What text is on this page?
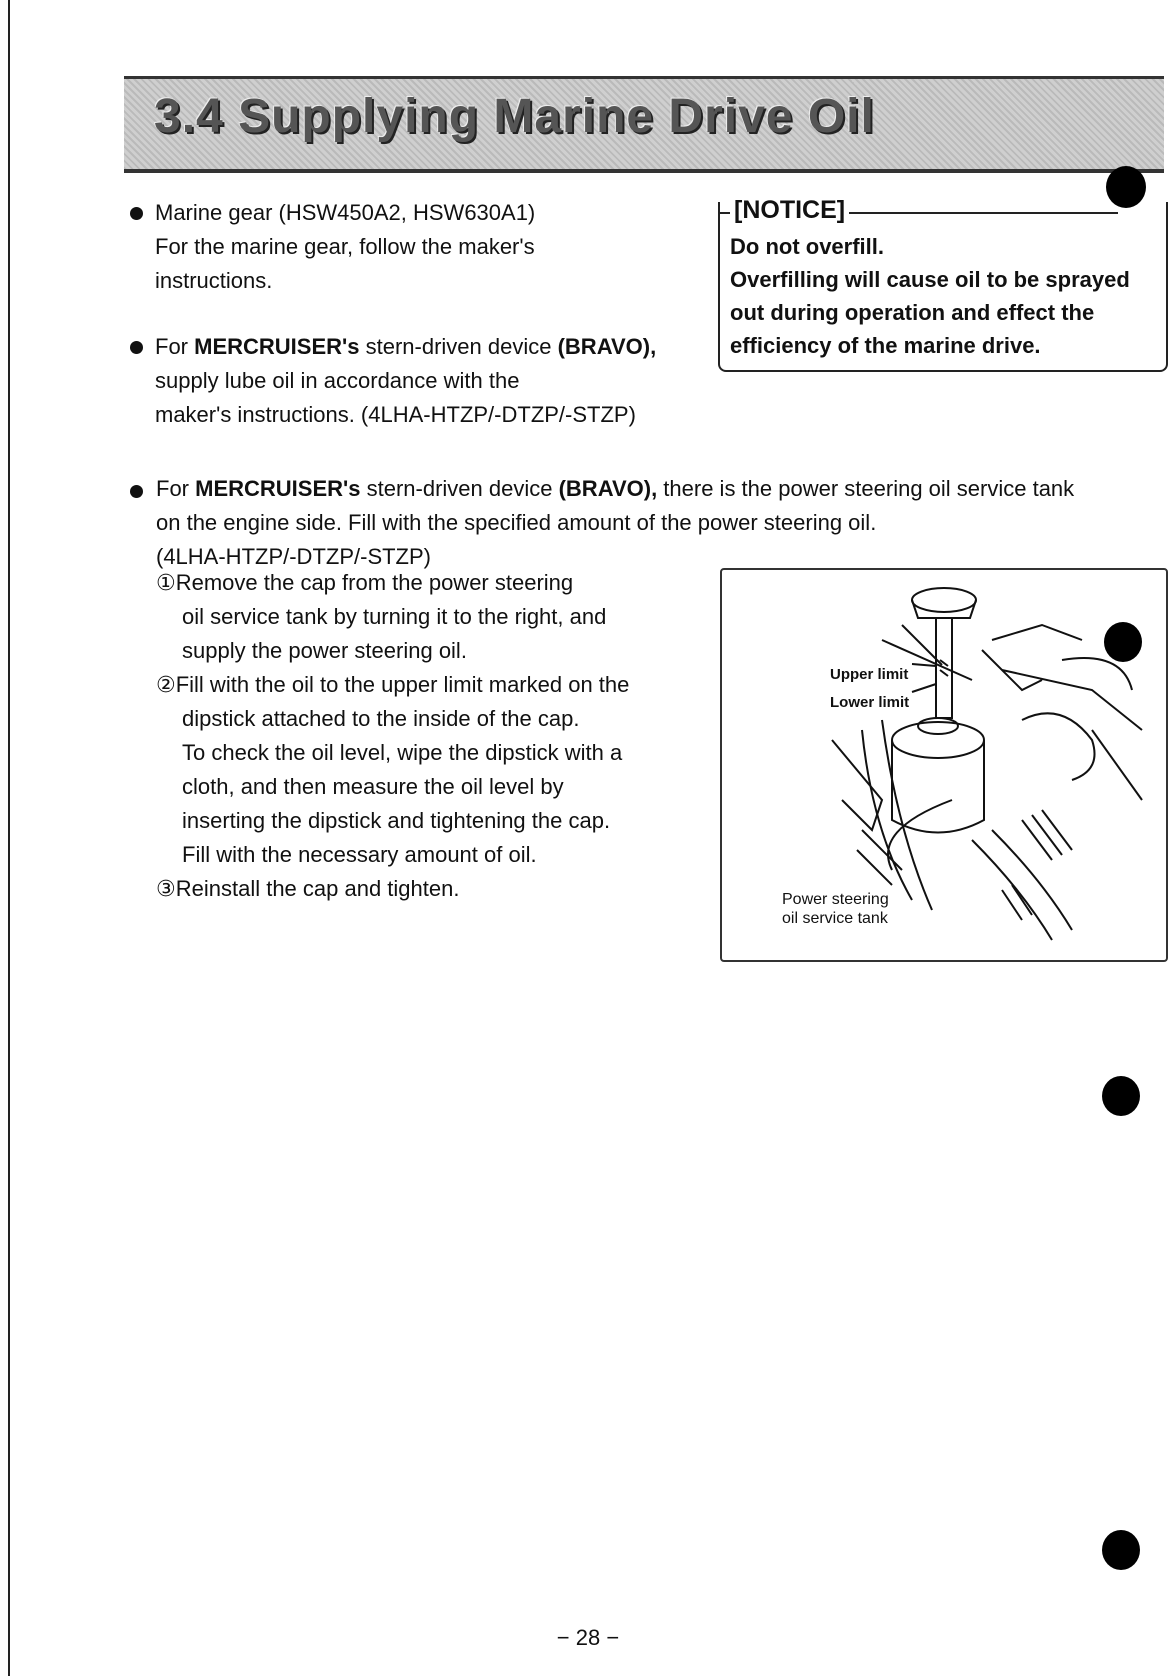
3.4 Supplying Marine Drive Oil
Marine gear (HSW450A2, HSW630A1)
For the marine gear, follow the maker's
instructions.
For MERCRUISER's stern-driven device (BRAVO),
supply lube oil in accordance with the
maker's instructions. (4LHA-HTZP/-DTZP/-STZP)
[NOTICE]
Do not overfill.
Overfilling will cause oil to be sprayed
out during operation and effect the
efficiency of the marine drive.
For MERCRUISER's stern-driven device (BRAVO), there is the power steering oil service tank
on the engine side. Fill with the specified amount of the power steering oil.
(4LHA-HTZP/-DTZP/-STZP)
①Remove the cap from the power steering
oil service tank by turning it to the right, and
supply the power steering oil.
②Fill with the oil to the upper limit marked on the
dipstick attached to the inside of the cap.
To check the oil level, wipe the dipstick with a
cloth, and then measure the oil level by
inserting the dipstick and tightening the cap.
Fill with the necessary amount of oil.
③Reinstall the cap and tighten.
Upper limit
Lower limit
Power steering
oil service tank
− 28 −
